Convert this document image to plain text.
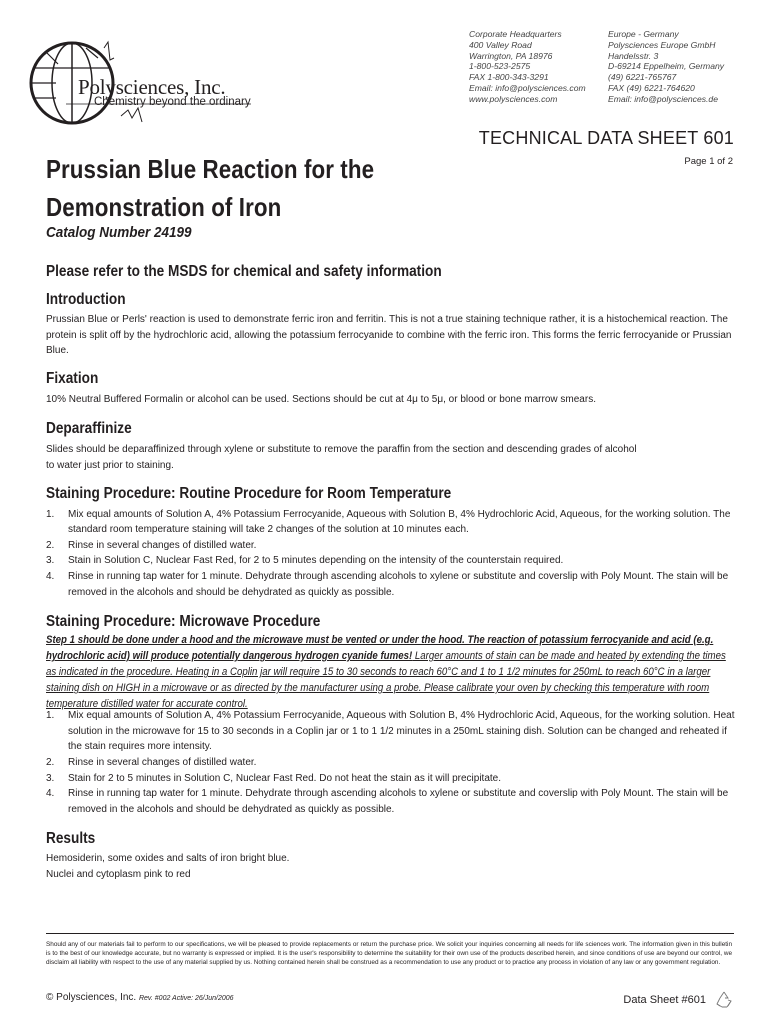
Polysciences, Inc.
Chemistry beyond the ordinary
Corporate Headquarters
400 Valley Road
Warrington, PA 18976
1-800-523-2575
FAX 1-800-343-3291
Email: info@polysciences.com
www.polysciences.com
Europe - Germany
Polysciences Europe GmbH
Handelsstr. 3
D-69214 Eppelheim, Germany
(49) 6221-765767
FAX (49) 6221-764620
Email: info@polysciences.de
TECHNICAL DATA SHEET 601
Page 1 of 2
Prussian Blue Reaction for the Demonstration of Iron
Catalog Number 24199
Please refer to the MSDS for chemical and safety information
Introduction

Prussian Blue or Perls' reaction is used to demonstrate ferric iron and ferritin. This is not a true staining technique rather, it is a histochemical reaction. The protein is split off by the hydrochloric acid, allowing the potassium ferrocyanide to combine with the ferric iron. This forms the ferric ferrocyanide or Prussian Blue.

Fixation

10% Neutral Buffered Formalin or alcohol can be used. Sections should be cut at 4μ to 5μ, or blood or bone marrow smears.

Deparaffinize

Slides should be deparaffinized through xylene or substitute to remove the paraffin from the section and descending grades of alcohol to water just prior to staining.

Staining Procedure: Routine Procedure for Room Temperature
1. Mix equal amounts of Solution A, 4% Potassium Ferrocyanide, Aqueous with Solution B, 4% Hydrochloric Acid, Aqueous, for the working solution. The standard room temperature staining will take 2 changes of the solution at 10 minutes each.
2. Rinse in several changes of distilled water.
3. Stain in Solution C, Nuclear Fast Red, for 2 to 5 minutes depending on the intensity of the counterstain required.
4. Rinse in running tap water for 1 minute. Dehydrate through ascending alcohols to xylene or substitute and coverslip with Poly Mount. The stain will be removed in the alcohols and should be dehydrated as quickly as possible.
Staining Procedure: Microwave Procedure

Step 1 should be done under a hood and the microwave must be vented or under the hood. The reaction of potassium ferrocyanide and acid (e.g. hydrochloric acid) will produce potentially dangerous hydrogen cyanide fumes! Larger amounts of stain can be made and heated by extending the times as indicated in the procedure. Heating in a Coplin jar will require 15 to 30 seconds to reach 60°C and 1 to 1 1/2 minutes for 250mL to reach 60°C in a larger staining dish on HIGH in a microwave or as directed by the manufacturer using a probe. Please calibrate your oven by checking this temperature with room temperature distilled water for accurate control.

1. Mix equal amounts of Solution A, 4% Potassium Ferrocyanide, Aqueous with Solution B, 4% Hydrochloric Acid, Aqueous, for the working solution. Heat solution in the microwave for 15 to 30 seconds in a Coplin jar or 1 to 1 1/2 minutes in a 250mL staining dish. Solution can be changed and reheated if the stain requires more intensity.
2. Rinse in several changes of distilled water.
3. Stain for 2 to 5 minutes in Solution C, Nuclear Fast Red. Do not heat the stain as it will precipitate.
4. Rinse in running tap water for 1 minute. Dehydrate through ascending alcohols to xylene or substitute and coverslip with Poly Mount. The stain will be removed in the alcohols and should be dehydrated as quickly as possible.
Results

Hemosiderin, some oxides and salts of iron bright blue.

Nuclei and cytoplasm pink to red

Should any of our materials fail to perform to our specifications, we will be pleased to provide replacements or return the purchase price. We solicit your inquiries concerning all needs for life sciences work. The information given in this bulletin is to the best of our knowledge accurate, but no warranty is expressed or implied. It is the user's responsibility to determine the suitability for their own use of the products described herein, and since conditions of use are beyond our control, we disclaim all liability with respect to the use of any material supplied by us. Nothing contained herein shall be construed as a recommendation to use any product or to practice any process in violation of any law or any government regulation.

© Polysciences, Inc. Rev. #002 Active: 26/Jun/2006	Data Sheet #601
